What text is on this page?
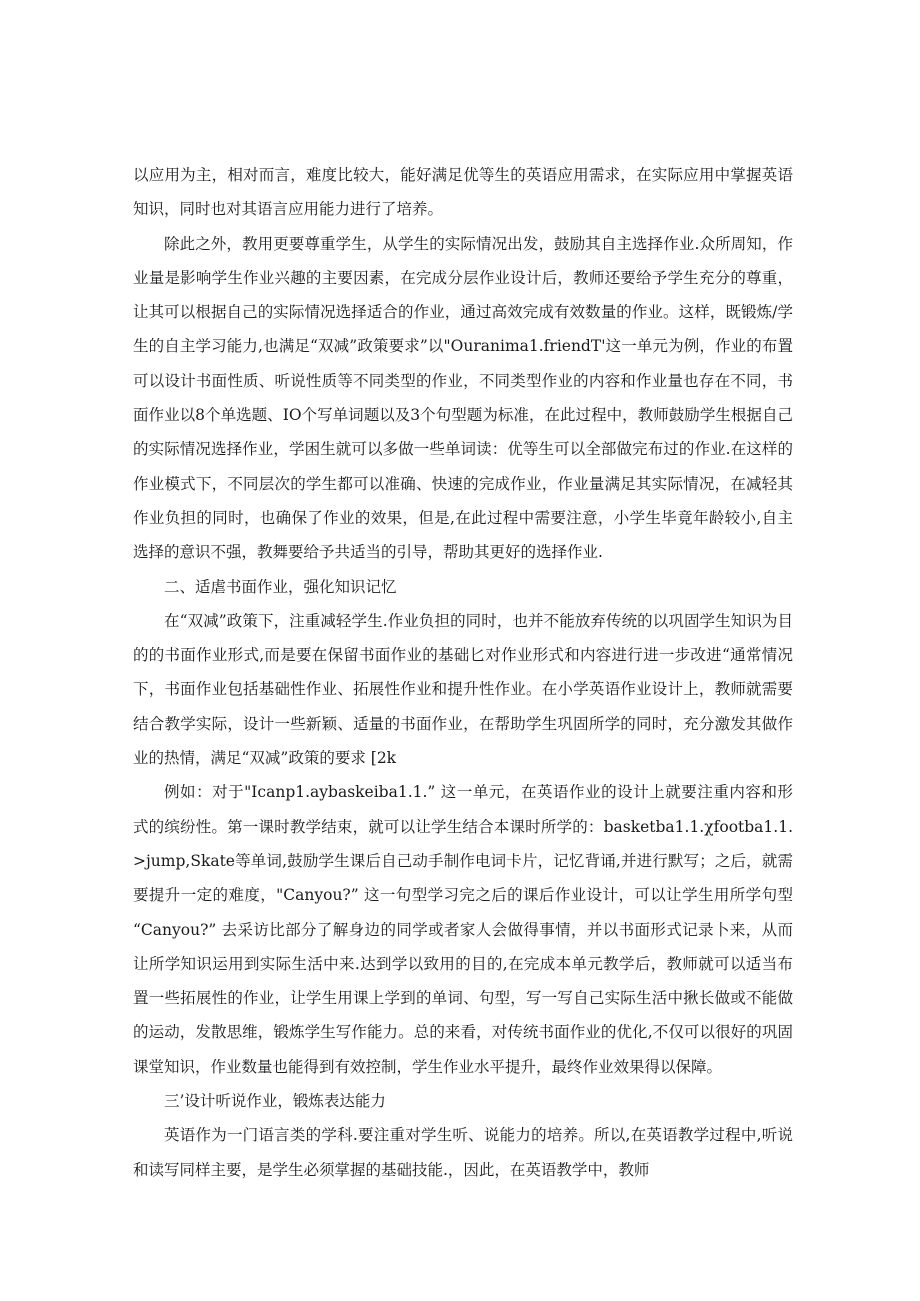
以应用为主，相对而言，难度比较大，能好满足优等生的英语应用需求，在实际应用中掌握英语知识，同时也对其语言应用能力进行了培养。

除此之外，教用更要尊重学生，从学生的实际情况出发，鼓励其自主选择作业.众所周知，作业量是影响学生作业兴趣的主要因素，在完成分层作业设计后，教师还要给予学生充分的尊重，让其可以根据自己的实际情况选择适合的作业，通过高效完成有效数量的作业。这样，既锻炼/学生的自主学习能力,也满足“双减”政策要求”以"Ouranima1.friendT'这一单元为例，作业的布置可以设计书面性质、听说性质等不同类型的作业，不同类型作业的内容和作业量也存在不同，书面作业以8个单选题、IO个写单词题以及3个句型题为标准，在此过程中，教师鼓励学生根据自己的实际情况选择作业，学困生就可以多做一些单词读：优等生可以全部做完布过的作业.在这样的作业模式下，不同层次的学生都可以准确、快速的完成作业，作业量满足其实际情况，在减轻其作业负担的同时，也确保了作业的效果，但是,在此过程中需要注意，小学生毕竟年龄较小,自主选择的意识不强，教舞要给予共适当的引导，帮助其更好的选择作业.

二、适虐书面作业，强化知识记忆

在“双减”政策下，注重减轻学生.作业负担的同时，也并不能放弃传统的以巩固学生知识为目的的书面作业形式,而是要在保留书面作业的基础匕对作业形式和内容进行进一步改进“通常情况下，书面作业包括基础性作业、拓展性作业和提升性作业。在小学英语作业设计上，教师就需要结合教学实际，设计一些新颖、适量的书面作业，在帮助学生巩固所学的同时，充分激发其做作业的热情，满足“双减”政策的要求 [2k

例如：对于"Icanp1.aybaskeiba1.1.” 这一单元，在英语作业的设计上就要注重内容和形式的缤纷性。第一课时教学结束，就可以让学生结合本课时所学的：basketba1.1.χfootba1.1.>jump,Skate等单词,鼓励学生课后自己动手制作电词卡片，记忆背诵,并进行默写；之后，就需要提升一定的难度，"Canyou?” 这一句型学习完之后的课后作业设计，可以让学生用所学句型 “Canyou?” 去采访比部分了解身边的同学或者家人会做得事情，并以书面形式记录卜来，从而让所学知识运用到实际生活中来.达到学以致用的目的,在完成本单元教学后，教师就可以适当布置一些拓展性的作业，让学生用课上学到的单词、句型，写一写自己实际生活中揪长做或不能做的运动，发散思维，锻炼学生写作能力。总的来看，对传统书面作业的优化,不仅可以很好的巩固课堂知识，作业数量也能得到有效控制，学生作业水平提升，最终作业效果得以保障。

三’设计听说作业，锻炼表达能力

英语作为一门语言类的学科.要注重对学生听、说能力的培养。所以,在英语教学过程中,听说和读写同样主要，是学生必须掌握的基础技能.，因此，在英语教学中，教师
